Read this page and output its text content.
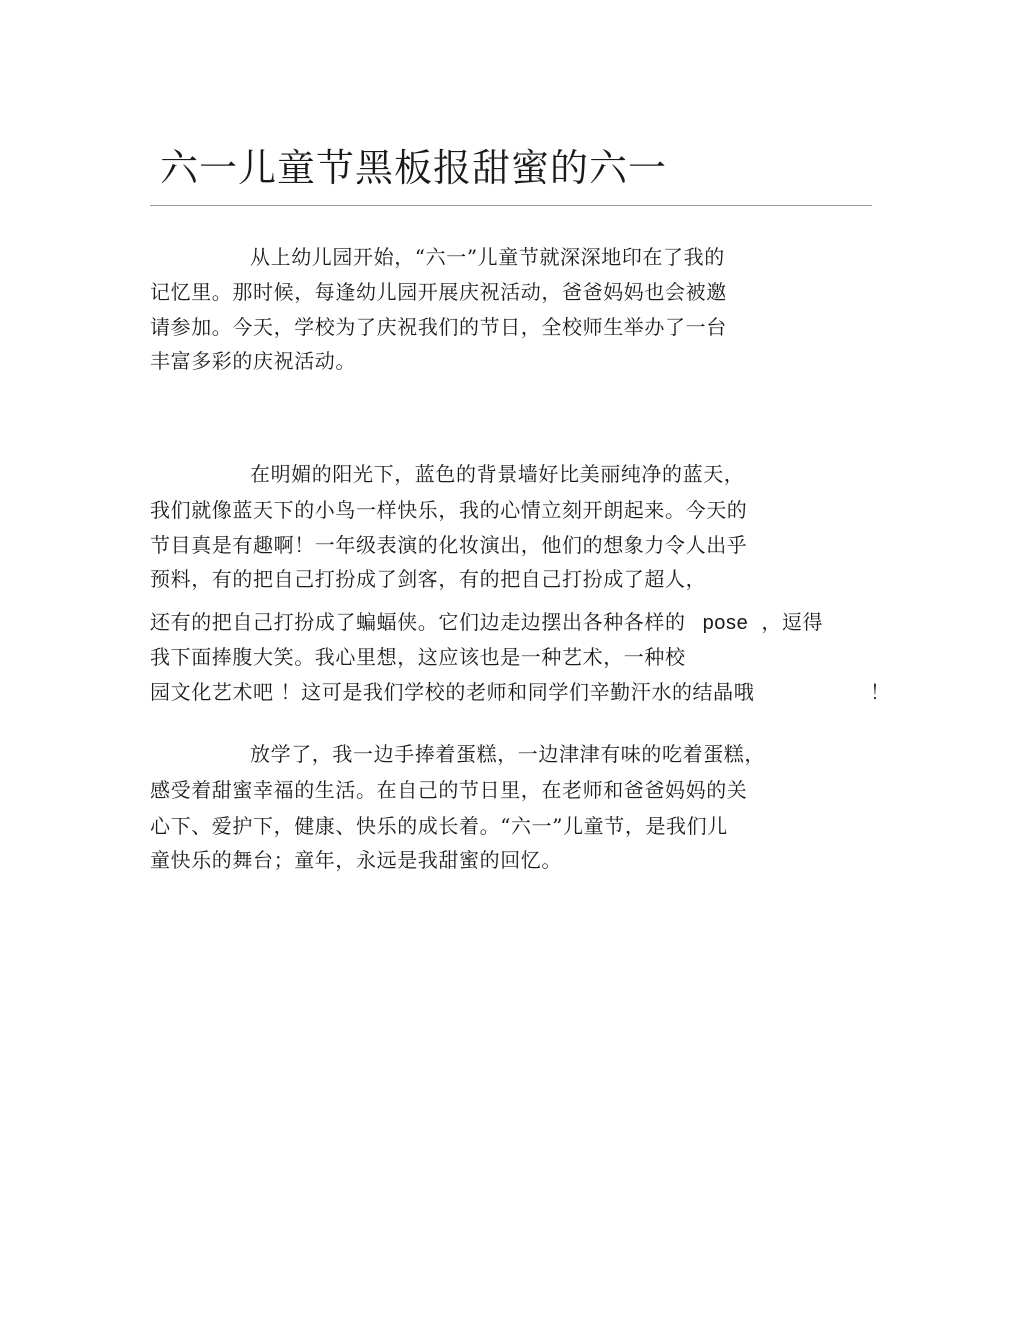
六一儿童节黑板报甜蜜的六一
从上幼儿园开始，“六一”儿童节就深深地印在了我的
记忆里。那时候，每逢幼儿园开展庆祝活动，爸爸妈妈也会被邀
请参加。今天，学校为了庆祝我们的节日，全校师生举办了一台
丰富多彩的庆祝活动。
在明媚的阳光下，蓝色的背景墙好比美丽纯净的蓝天，
我们就像蓝天下的小鸟一样快乐，我的心情立刻开朗起来。今天的
节目真是有趣啊！一年级表演的化妆演出，他们的想象力令人出乎
预料，有的把自己打扮成了剑客，有的把自己打扮成了超人，
还有的把自己打扮成了蝙蝠侠。它们边走边摆出各种各样的 pose ，逗得
我下面捧腹大笑。我心里想，这应该也是一种艺术，一种校
园文化艺术吧 ！这可是我们学校的老师和同学们辛勤汗水的结晶哦	！
放学了，我一边手捧着蛋糕，一边津津有味的吃着蛋糕，
感受着甜蜜幸福的生活。在自己的节日里，在老师和爸爸妈妈的关
心下、爱护下，健康、快乐的成长着。“六一”儿童节，是我们儿
童快乐的舞台；童年，永远是我甜蜜的回忆。
